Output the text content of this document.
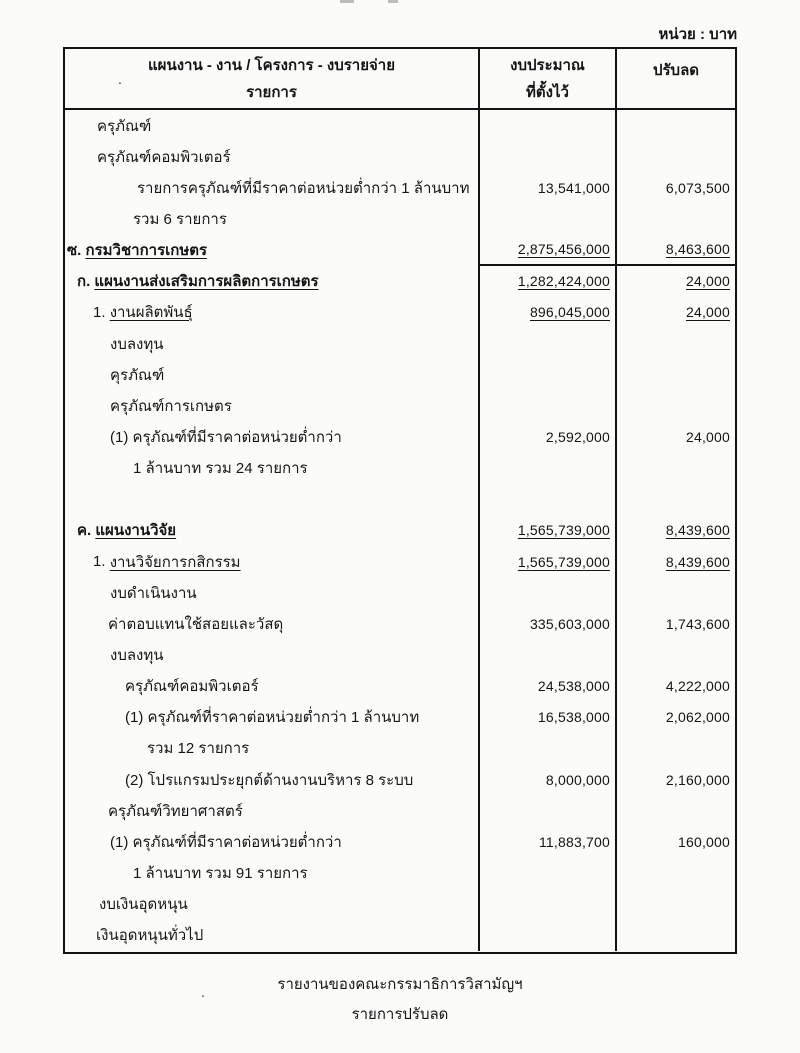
หน่วย : บาท
แผนงาน - งาน / โครงการ - งบรายจ่าย
รายการ
งบประมาณ
ที่ตั้งไว้
ปรับลด
ครุภัณฑ์
ครุภัณฑ์คอมพิวเตอร์
รายการครุภัณฑ์ที่มีราคาต่อหน่วยต่ำกว่า 1 ล้านบาท	13,541,000	6,073,500
รวม 6 รายการ
ซ. กรมวิชาการเกษตร	2,875,456,000	8,463,600
ก. แผนงานส่งเสริมการผลิตการเกษตร	1,282,424,000	24,000
1. งานผลิตพันธุ์	896,045,000	24,000
งบลงทุน
คุรภัณฑ์
ครุภัณฑ์การเกษตร
(1) ครุภัณฑ์ที่มีราคาต่อหน่วยต่ำกว่า	2,592,000	24,000
1 ล้านบาท รวม 24 รายการ
ค. แผนงานวิจัย	1,565,739,000	8,439,600
1. งานวิจัยการกสิกรรม	1,565,739,000	8,439,600
งบดำเนินงาน
ค่าตอบแทนใช้สอยและวัสดุ	335,603,000	1,743,600
งบลงทุน
ครุภัณฑ์คอมพิวเตอร์	24,538,000	4,222,000
(1) ครุภัณฑ์ที่ราคาต่อหน่วยต่ำกว่า 1 ล้านบาท	16,538,000	2,062,000
รวม 12 รายการ
(2) โปรแกรมประยุกต์ด้านงานบริหาร 8 ระบบ	8,000,000	2,160,000
ครุภัณฑ์วิทยาศาสตร์
(1) ครุภัณฑ์ที่มีราคาต่อหน่วยต่ำกว่า	11,883,700	160,000
1 ล้านบาท รวม 91 รายการ
งบเงินอุดหนุน
เงินอุดหนุนทั่วไป
.
.	รายงานของคณะกรรมาธิการวิสามัญฯ
รายการปรับลด
